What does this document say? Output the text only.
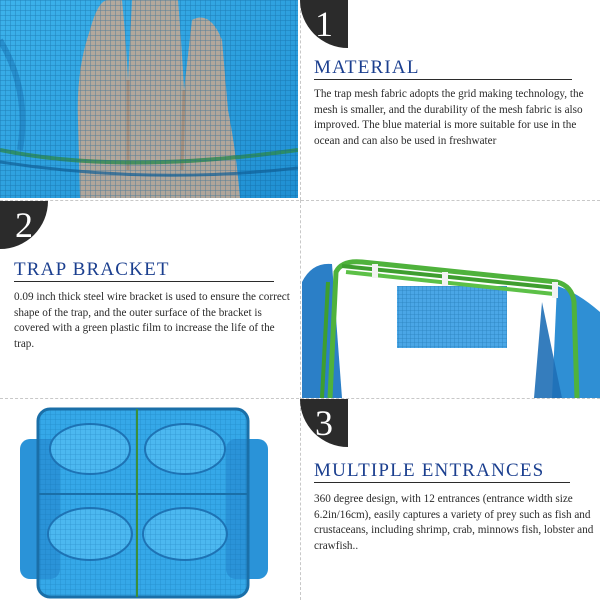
1
MATERIAL

The trap mesh fabric adopts the grid making technology, the mesh is smaller, and the durability of the mesh fabric is also improved. The blue material is more suitable for use in the ocean and can also be used in freshwater

2
TRAP BRACKET

0.09 inch thick steel wire bracket is used to ensure the correct shape of the trap, and the outer surface of the bracket is covered with a green plastic film to increase the life of the trap.

3
MULTIPLE ENTRANCES

360 degree design, with 12 entrances (entrance width size 6.2in/16cm), easily captures a variety of prey such as fish and crustaceans, including shrimp, crab, minnows fish, lobster and crawfish..
